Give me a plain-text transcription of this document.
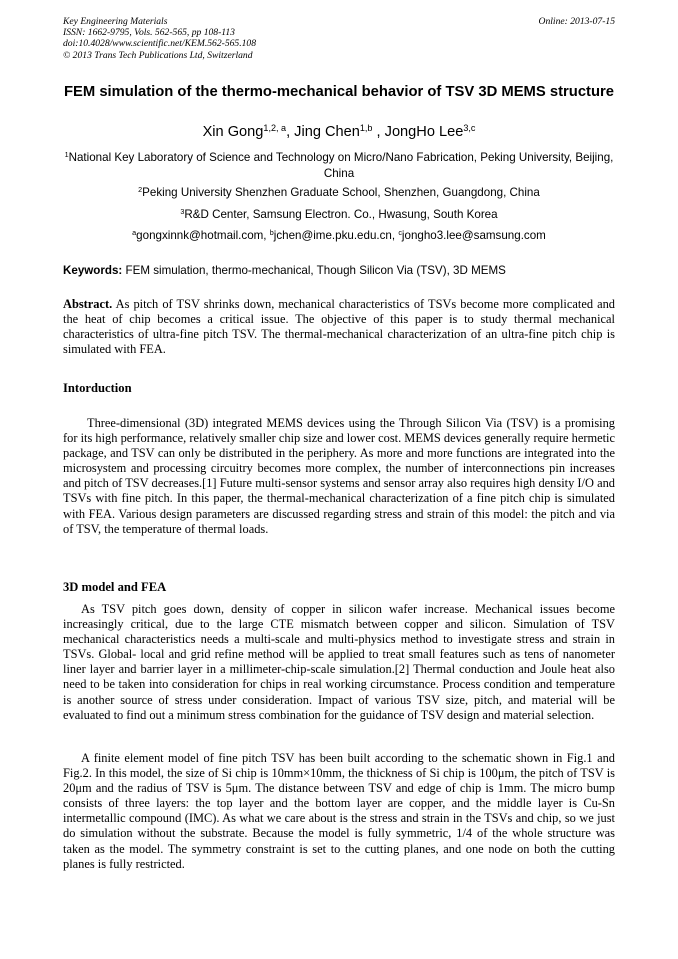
Key Engineering Materials
ISSN: 1662-9795, Vols. 562-565, pp 108-113
doi:10.4028/www.scientific.net/KEM.562-565.108
© 2013 Trans Tech Publications Ltd, Switzerland
Online: 2013-07-15
FEM simulation of the thermo-mechanical behavior of TSV 3D MEMS structure
Xin Gong$^{1,2, a}$, Jing Chen$^{1,b}$ , JongHo Lee$^{3,c}$
$^1$National Key Laboratory of Science and Technology on Micro/Nano Fabrication, Peking University, Beijing, China
$^2$Peking University Shenzhen Graduate School, Shenzhen, Guangdong, China
$^3$R&D Center, Samsung Electron. Co., Hwasung, South Korea
$^a$gongxinnk@hotmail.com, $^b$jchen@ime.pku.edu.cn, $^c$jongho3.lee@samsung.com
Keywords: FEM simulation, thermo-mechanical, Though Silicon Via (TSV), 3D MEMS
Abstract. As pitch of TSV shrinks down, mechanical characteristics of TSVs become more complicated and the heat of chip becomes a critical issue. The objective of this paper is to study thermal mechanical characteristics of ultra-fine pitch TSV. The thermal-mechanical characterization of an ultra-fine pitch chip is simulated with FEA.
Intorduction
Three-dimensional (3D) integrated MEMS devices using the Through Silicon Via (TSV) is a promising for its high performance, relatively smaller chip size and lower cost. MEMS devices generally require hermetic package, and TSV can only be distributed in the periphery. As more and more functions are integrated into the microsystem and processing circuitry becomes more complex, the number of interconnections pin increases and pitch of TSV decreases.[1] Future multi-sensor systems and sensor array also requires high density I/O and TSVs with fine pitch. In this paper, the thermal-mechanical characterization of a fine pitch chip is simulated with FEA. Various design parameters are discussed regarding stress and strain of this model: the pitch and via of TSV, the temperature of thermal loads.
3D model and FEA
As TSV pitch goes down, density of copper in silicon wafer increase. Mechanical issues become increasingly critical, due to the large CTE mismatch between copper and silicon. Simulation of TSV mechanical characteristics needs a multi-scale and multi-physics method to investigate stress and strain in TSVs. Global- local and grid refine method will be applied to treat small features such as tens of nanometer liner layer and barrier layer in a millimeter-chip-scale simulation.[2] Thermal conduction and Joule heat also need to be taken into consideration for chips in real working circumstance. Process condition and temperature is another source of stress under consideration. Impact of various TSV size, pitch, and material will be evaluated to find out a minimum stress combination for the guidance of TSV design and material selection.
A finite element model of fine pitch TSV has been built according to the schematic shown in Fig.1 and Fig.2. In this model, the size of Si chip is 10mm×10mm, the thickness of Si chip is 100μm, the pitch of TSV is 20μm and the radius of TSV is 5μm. The distance between TSV and edge of chip is 1mm. The micro bump consists of three layers: the top layer and the bottom layer are copper, and the middle layer is Cu-Sn intermetallic compound (IMC). As what we care about is the stress and strain in the TSVs and chip, so we just do simulation without the substrate. Because the model is fully symmetric, 1/4 of the whole structure was taken as the model. The symmetry constraint is set to the cutting planes, and one node on both the cutting planes is fully restricted.
